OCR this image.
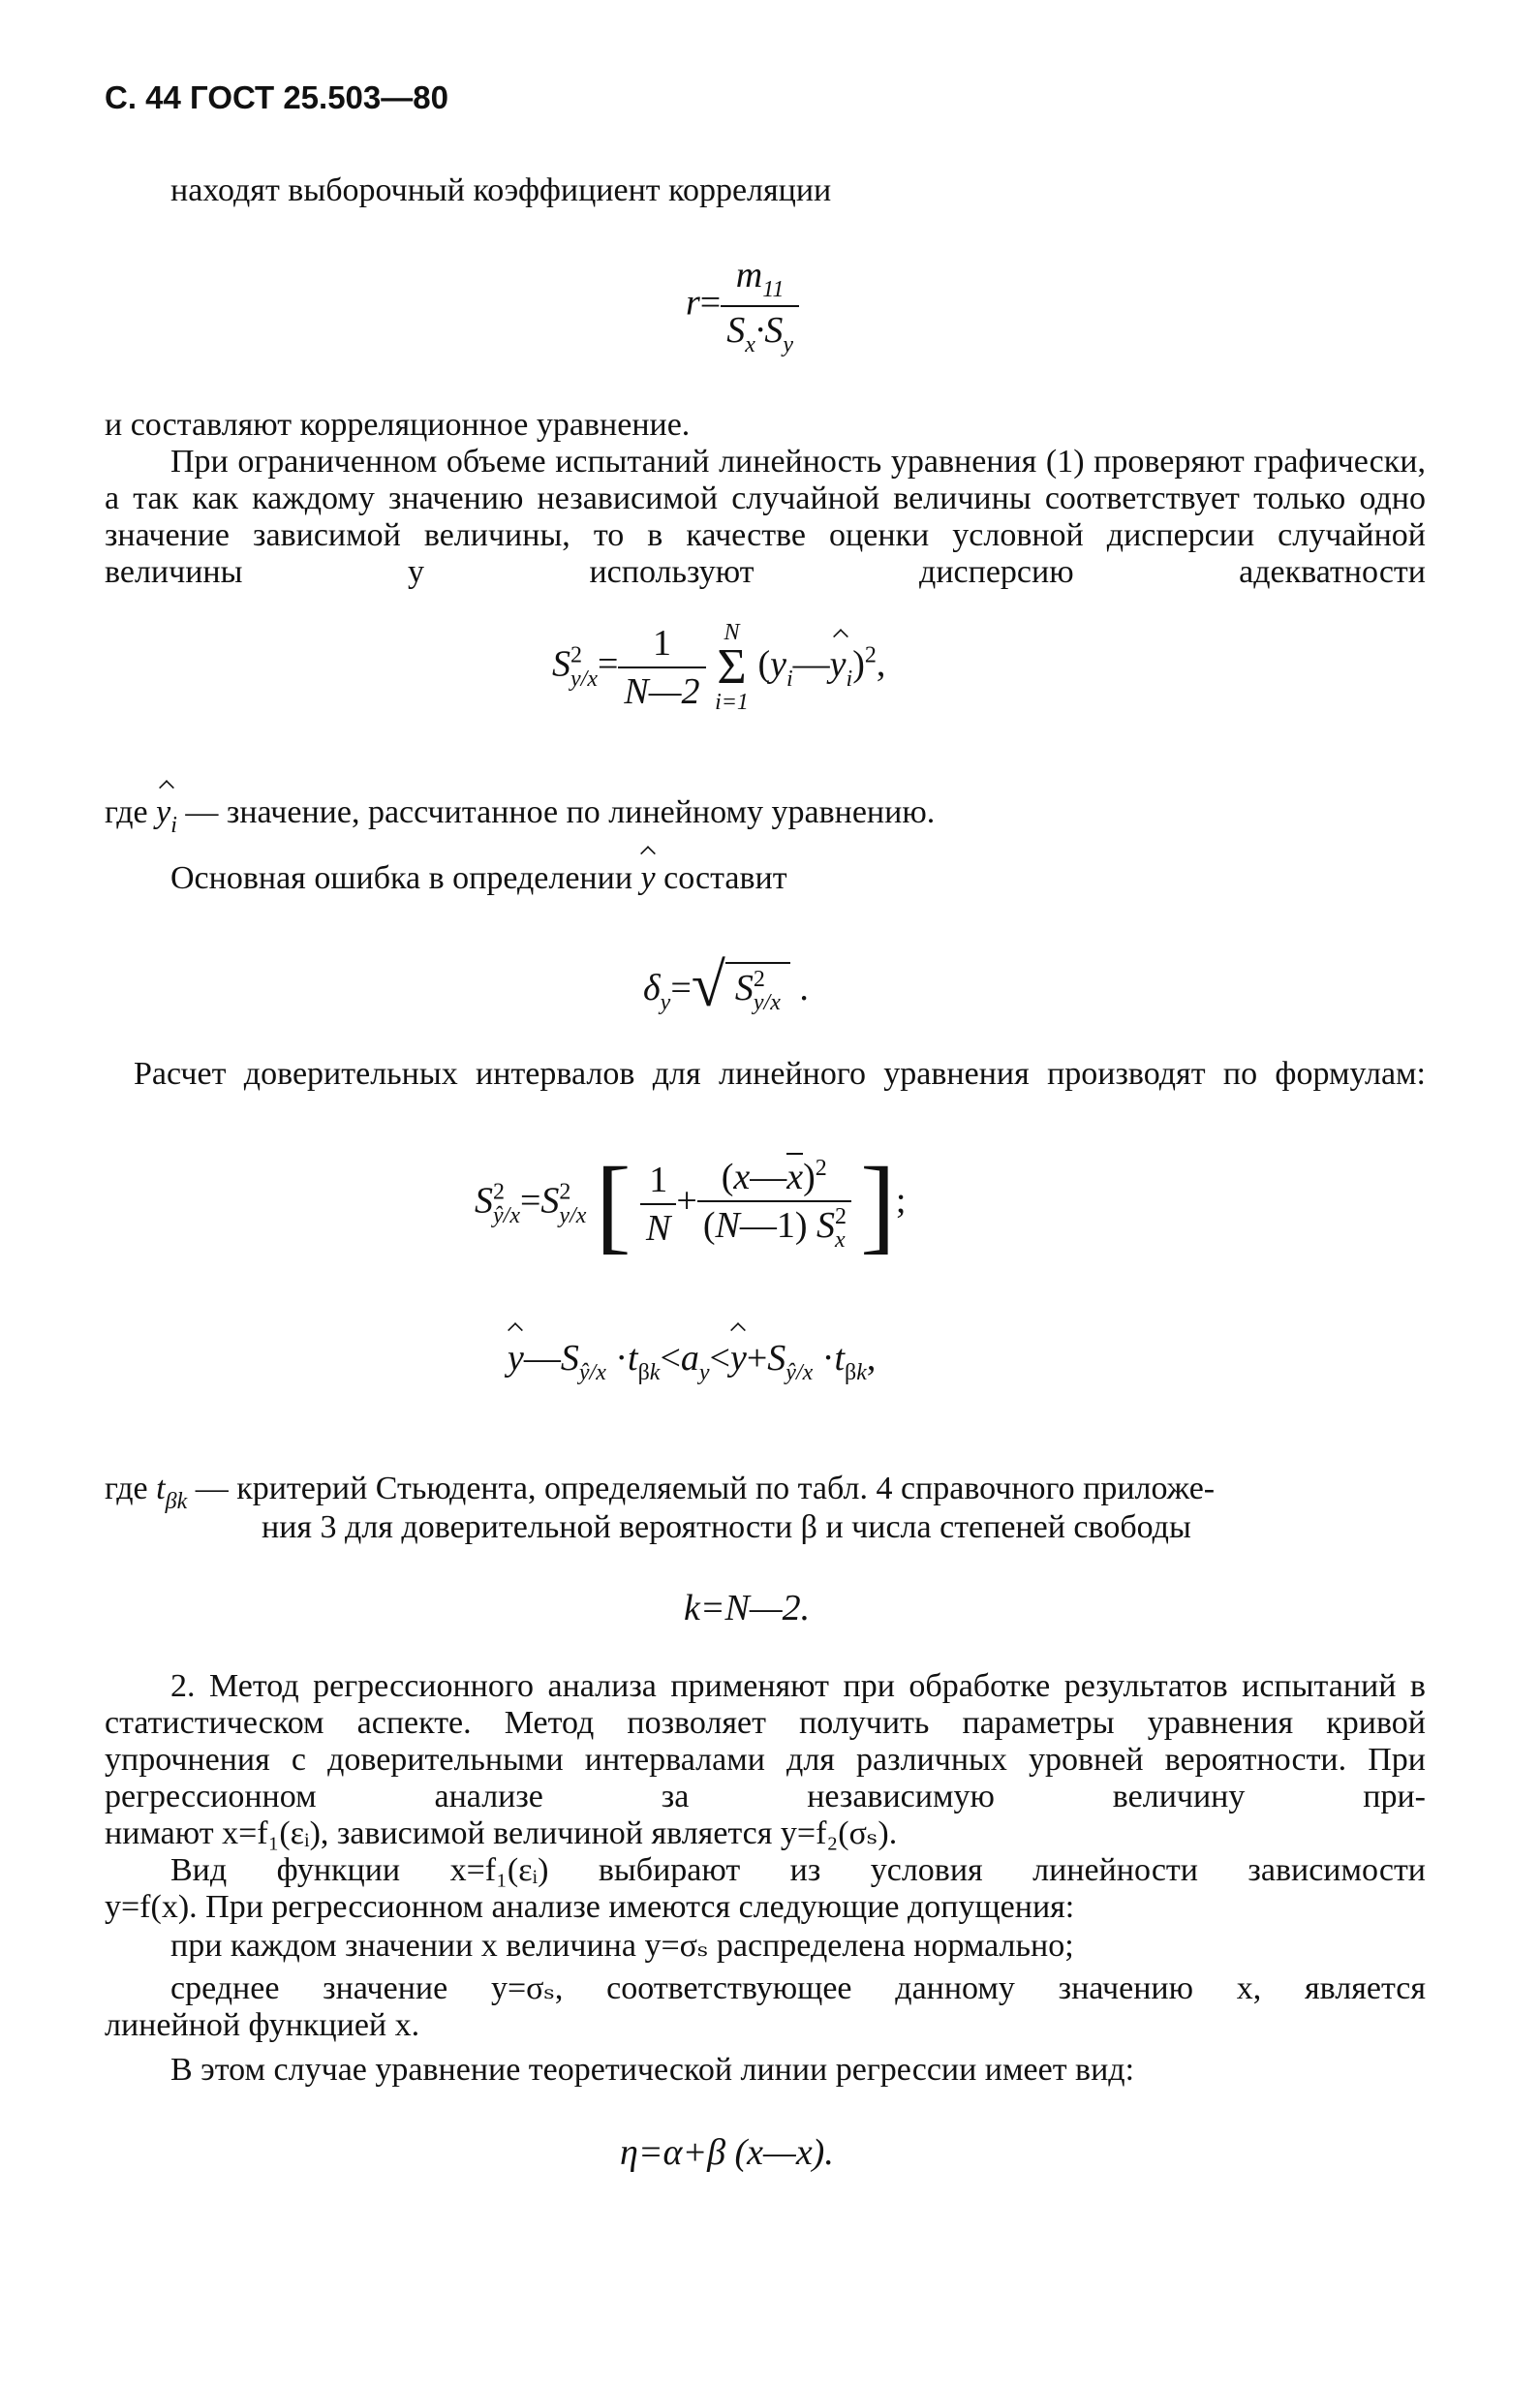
С. 44 ГОСТ 25.503—80

находят выборочный коэффициент корреляции

$r= \frac{m_{11}}{S_x\cdot S_y}$

и составляют корреляционное уравнение.

При ограниченном объеме испытаний линейность уравнения (1) проверяют графически, а так как каждому значению независимой случайной величины соответствует только одно значение зависимой величины, то в качестве оценки условной дисперсии случайной величины y используют дисперсию адекватности

$S^2_{y/x}= \frac{1}{N—2}$
N
Σ
i=1
$(y_i—y_i)^2$,
где $y_i$ — значение, рассчитанное по линейному уравнению.
Основная ошибка в определении y составит
$\delta_y=√$ $S^2_{y/x}$ .

Расчет доверительных интервалов для линейного уравнения производят по формулам:

$S^2_{ŷ/x}=S^2_{y/x}$ [ $\frac{1}{N} + \frac{(x—x)^2}{(N—1) S^2_x}$ ];
$y—S_{ŷ/x} \cdot t_{\beta k}<a_y<y+S_{ŷ/x} \cdot t_{\beta k}$,
где $t_{\beta k}$ — критерий Стьюдента, определяемый по табл. 4 справочного приложе-

ния 3 для доверительной вероятности β и числа степеней свободы

k=N—2.

2. Метод регрессионного анализа применяют при обработке результатов испытаний в статистическом аспекте. Метод позволяет получить параметры уравнения кривой упрочнения с доверительными интервалами для различных уровней вероятности. При регрессионном анализе за независимую величину при-

нимают x=f₁(εᵢ), зависимой величиной является y=f₂(σₛ).

Вид функции x=f₁(εᵢ) выбирают из условия линейности зависимости

y=f(x). При регрессионном анализе имеются следующие допущения:

при каждом значении x величина y=σₛ распределена нормально;

среднее значение y=σₛ, соответствующее данному значению x, является

линейной функцией x.

В этом случае уравнение теоретической линии регрессии имеет вид:

η=α+β (x—x).
